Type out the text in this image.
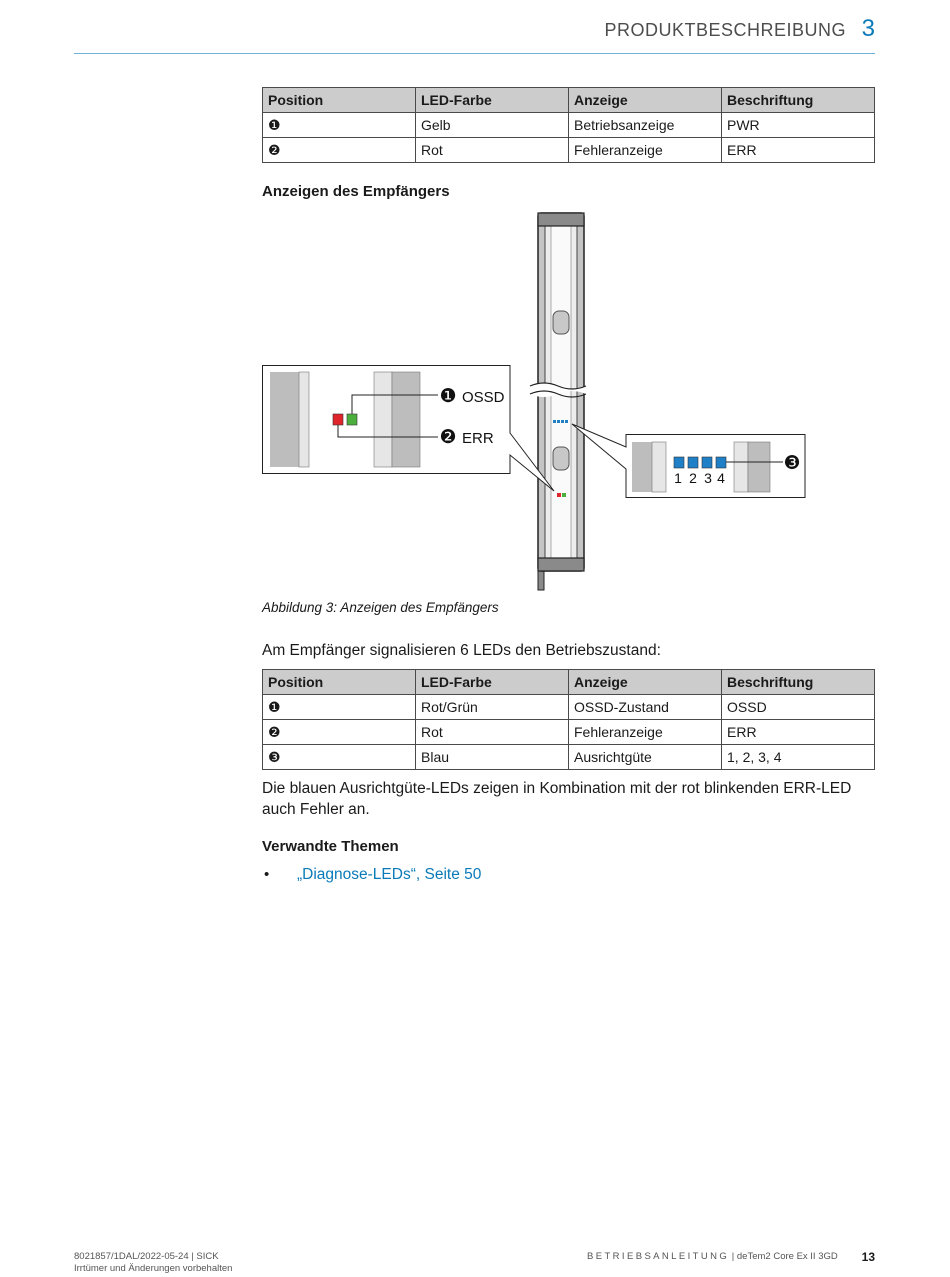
PRODUKTBESCHREIBUNG 3
Position	LED-Farbe	Anzeige	Beschriftung
❶	Gelb	Betriebsanzeige	PWR
❷	Rot	Fehleranzeige	ERR
Anzeigen des Empfängers
❶ OSSD
❷ ERR
❸
1 2 3 4
Abbildung 3: Anzeigen des Empfängers
Am Empfänger signalisieren 6 LEDs den Betriebszustand:
Position	LED-Farbe	Anzeige	Beschriftung
❶	Rot/Grün	OSSD-Zustand	OSSD
❷	Rot	Fehleranzeige	ERR
❸	Blau	Ausrichtgüte	1, 2, 3, 4
Die blauen Ausrichtgüte-LEDs zeigen in Kombination mit der rot blinkenden ERR-LED
auch Fehler an.
Verwandte Themen
• „Diagnose-LEDs“, Seite 50
8021857/1DAL/2022-05-24 | SICK
Irrtümer und Änderungen vorbehalten
BETRIEBSANLEITUNG | deTem2 Core Ex II 3GD 13
